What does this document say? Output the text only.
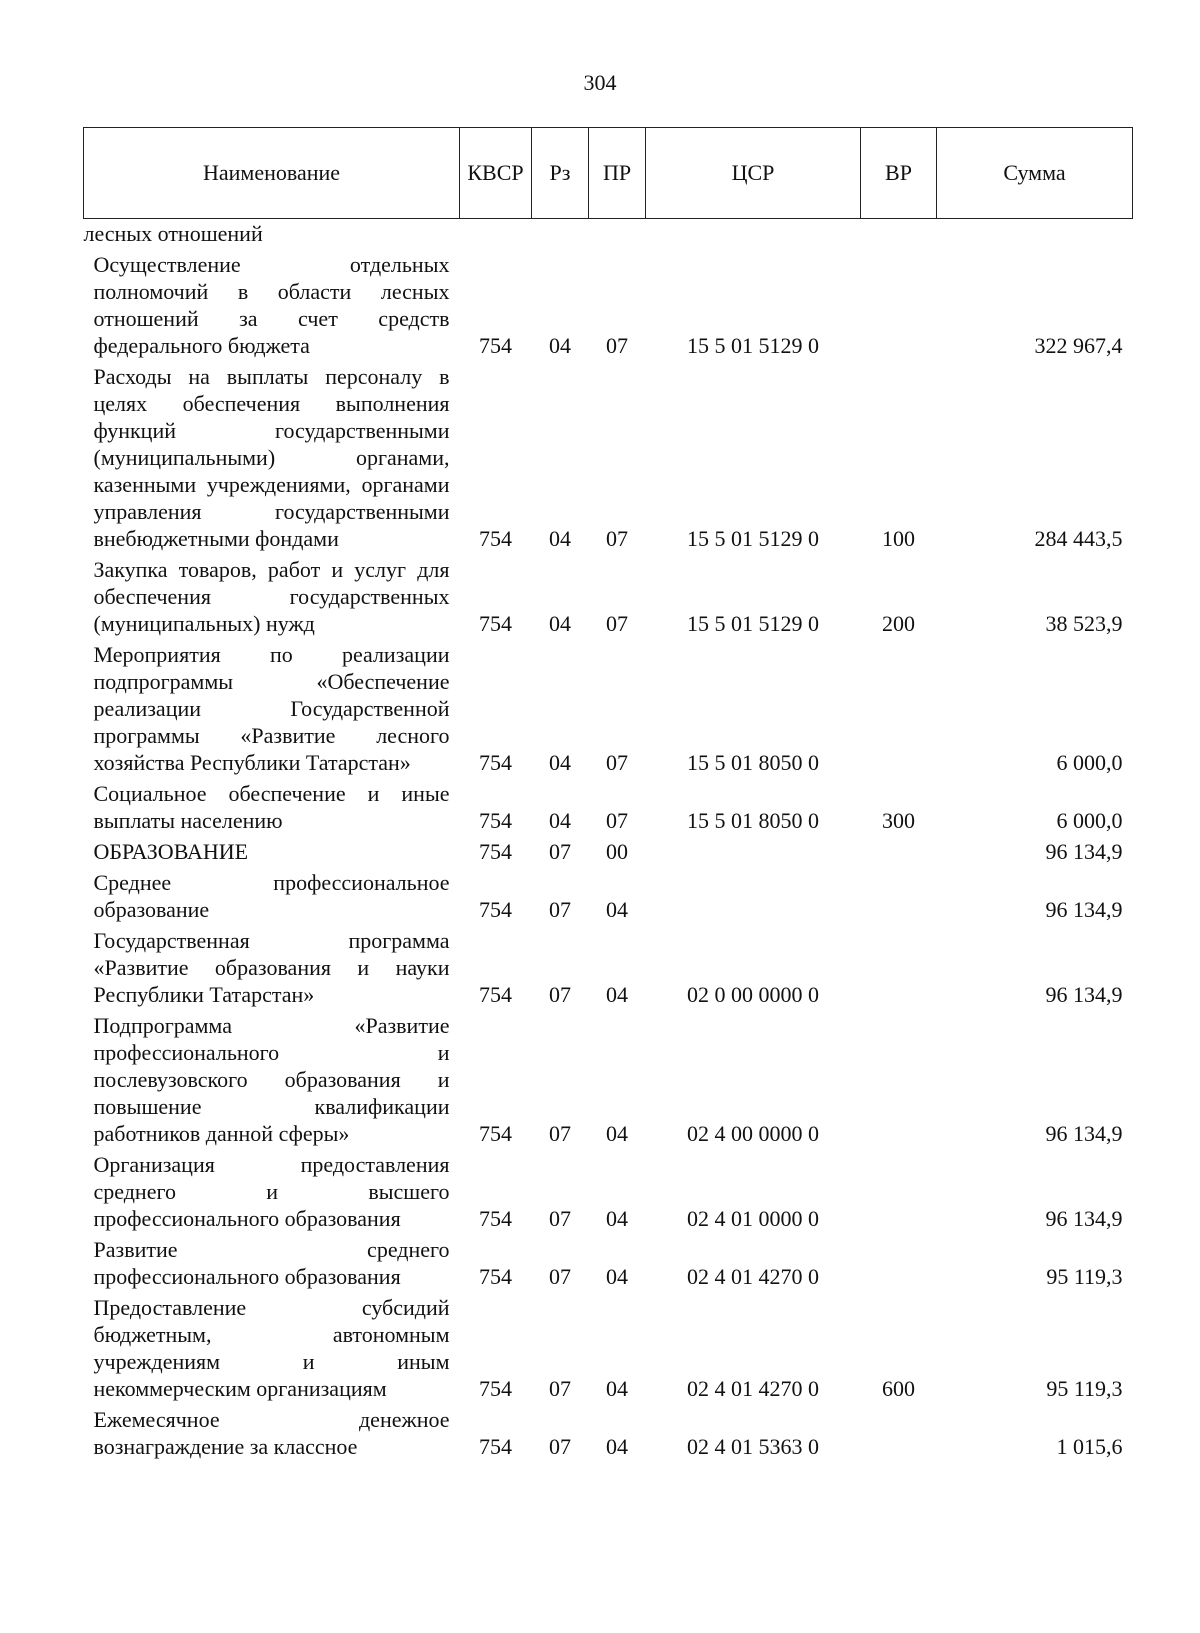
304
Наименование	КВСР	Рз	ПР	ЦСР	ВР	Сумма
лесных отношений						
Осуществление отдельных полномочий в области лесных отношений за счет средств федерального бюджета	754	04	07	15 5 01 5129 0		322 967,4
Расходы на выплаты персоналу в целях обеспечения выполнения функций государственными (муниципальными) органами, казенными учреждениями, органами управления государственными внебюджетными фондами	754	04	07	15 5 01 5129 0	100	284 443,5
Закупка товаров, работ и услуг для обеспечения государственных (муниципальных) нужд	754	04	07	15 5 01 5129 0	200	38 523,9
Мероприятия по реализации подпрограммы «Обеспечение реализации Государственной программы «Развитие лесного хозяйства Республики Татарстан»	754	04	07	15 5 01 8050 0		6 000,0
Социальное обеспечение и иные выплаты населению	754	04	07	15 5 01 8050 0	300	6 000,0
ОБРАЗОВАНИЕ	754	07	00			96 134,9
Среднее профессиональное образование	754	07	04			96 134,9
Государственная программа «Развитие образования и науки Республики Татарстан»	754	07	04	02 0 00 0000 0		96 134,9
Подпрограмма «Развитие профессионального и послевузовского образования и повышение квалификации работников данной сферы»	754	07	04	02 4 00 0000 0		96 134,9
Организация предоставления среднего и высшего профессионального образования	754	07	04	02 4 01 0000 0		96 134,9
Развитие среднего профессионального образования	754	07	04	02 4 01 4270 0		95 119,3
Предоставление субсидий бюджетным, автономным учреждениям и иным некоммерческим организациям	754	07	04	02 4 01 4270 0	600	95 119,3
Ежемесячное денежное вознаграждение за классное	754	07	04	02 4 01 5363 0		1 015,6
